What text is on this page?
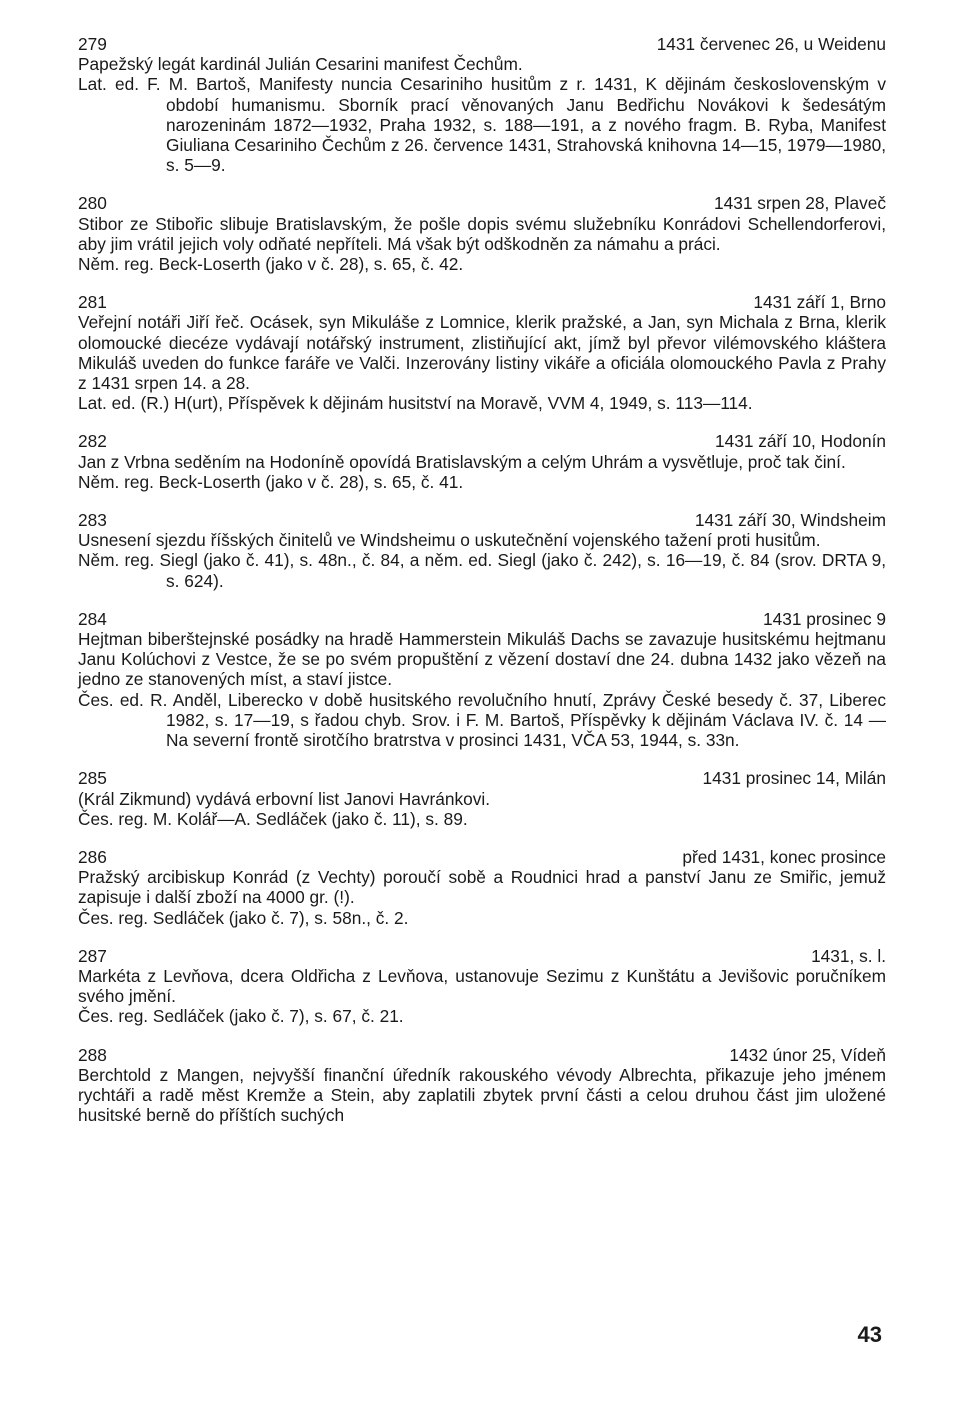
279	1431 červenec 26, u Weidenu
Papežský legát kardinál Julián Cesarini manifest Čechům.
Lat. ed. F. M. Bartoš, Manifesty nuncia Cesariniho husitům z r. 1431, K dějinám československým v období humanismu. Sborník prací věnovaných Janu Bedřichu Novákovi k šedesátým narozeninám 1872—1932, Praha 1932, s. 188—191, a z nového fragm. B. Ryba, Manifest Giuliana Cesariniho Čechům z 26. července 1431, Strahovská knihovna 14—15, 1979—1980, s. 5—9.
280	1431 srpen 28, Plaveč
Stibor ze Stibořic slibuje Bratislavským, že pošle dopis svému služebníku Konrádovi Schellendorferovi, aby jim vrátil jejich voly odňaté nepříteli. Má však být odškodněn za námahu a práci.
Něm. reg. Beck-Loserth (jako v č. 28), s. 65, č. 42.
281	1431 září 1, Brno
Veřejní notáři Jiří řeč. Ocásek, syn Mikuláše z Lomnice, klerik pražské, a Jan, syn Michala z Brna, klerik olomoucké diecéze vydávají notářský instrument, zlistiňující akt, jímž byl převor vilémovského kláštera Mikuláš uveden do funkce faráře ve Valči. Inzerovány listiny vikáře a oficiála olomouckého Pavla z Prahy z 1431 srpen 14. a 28.
Lat. ed. (R.) H(urt), Příspěvek k dějinám husitství na Moravě, VVM 4, 1949, s. 113—114.
282	1431 září 10, Hodonín
Jan z Vrbna seděním na Hodoníně opovídá Bratislavským a celým Uhrám a vysvětluje, proč tak činí.
Něm. reg. Beck-Loserth (jako v č. 28), s. 65, č. 41.
283	1431 září 30, Windsheim
Usnesení sjezdu říšských činitelů ve Windsheimu o uskutečnění vojenského tažení proti husitům.
Něm. reg. Siegl (jako č. 41), s. 48n., č. 84, a něm. ed. Siegl (jako č. 242), s. 16—19, č. 84 (srov. DRTA 9, s. 624).
284	1431 prosinec 9
Hejtman biberštejnské posádky na hradě Hammerstein Mikuláš Dachs se zavazuje husitskému hejtmanu Janu Kolúchovi z Vestce, že se po svém propuštění z vězení dostaví dne 24. dubna 1432 jako vězeň na jedno ze stanovených míst, a staví jistce.
Čes. ed. R. Anděl, Liberecko v době husitského revolučního hnutí, Zprávy České besedy č. 37, Liberec 1982, s. 17—19, s řadou chyb. Srov. i F. M. Bartoš, Příspěvky k dějinám Václava IV. č. 14 — Na severní frontě sirotčího bratrstva v prosinci 1431, VČA 53, 1944, s. 33n.
285	1431 prosinec 14, Milán
(Král Zikmund) vydává erbovní list Janovi Havránkovi.
Čes. reg. M. Kolář—A. Sedláček (jako č. 11), s. 89.
286	před 1431, konec prosince
Pražský arcibiskup Konrád (z Vechty) poroučí sobě a Roudnici hrad a panství Janu ze Smiřic, jemuž zapisuje i další zboží na 4000 gr. (!).
Čes. reg. Sedláček (jako č. 7), s. 58n., č. 2.
287	1431, s. l.
Markéta z Levňova, dcera Oldřicha z Levňova, ustanovuje Sezimu z Kunštátu a Jevišovic poručníkem svého jmění.
Čes. reg. Sedláček (jako č. 7), s. 67, č. 21.
288	1432 únor 25, Vídeň
Berchtold z Mangen, nejvyšší finanční úředník rakouského vévody Albrechta, přikazuje jeho jménem rychtáři a radě měst Kremže a Stein, aby zaplatili zbytek první části a celou druhou část jim uložené husitské berně do příštích suchých
43
